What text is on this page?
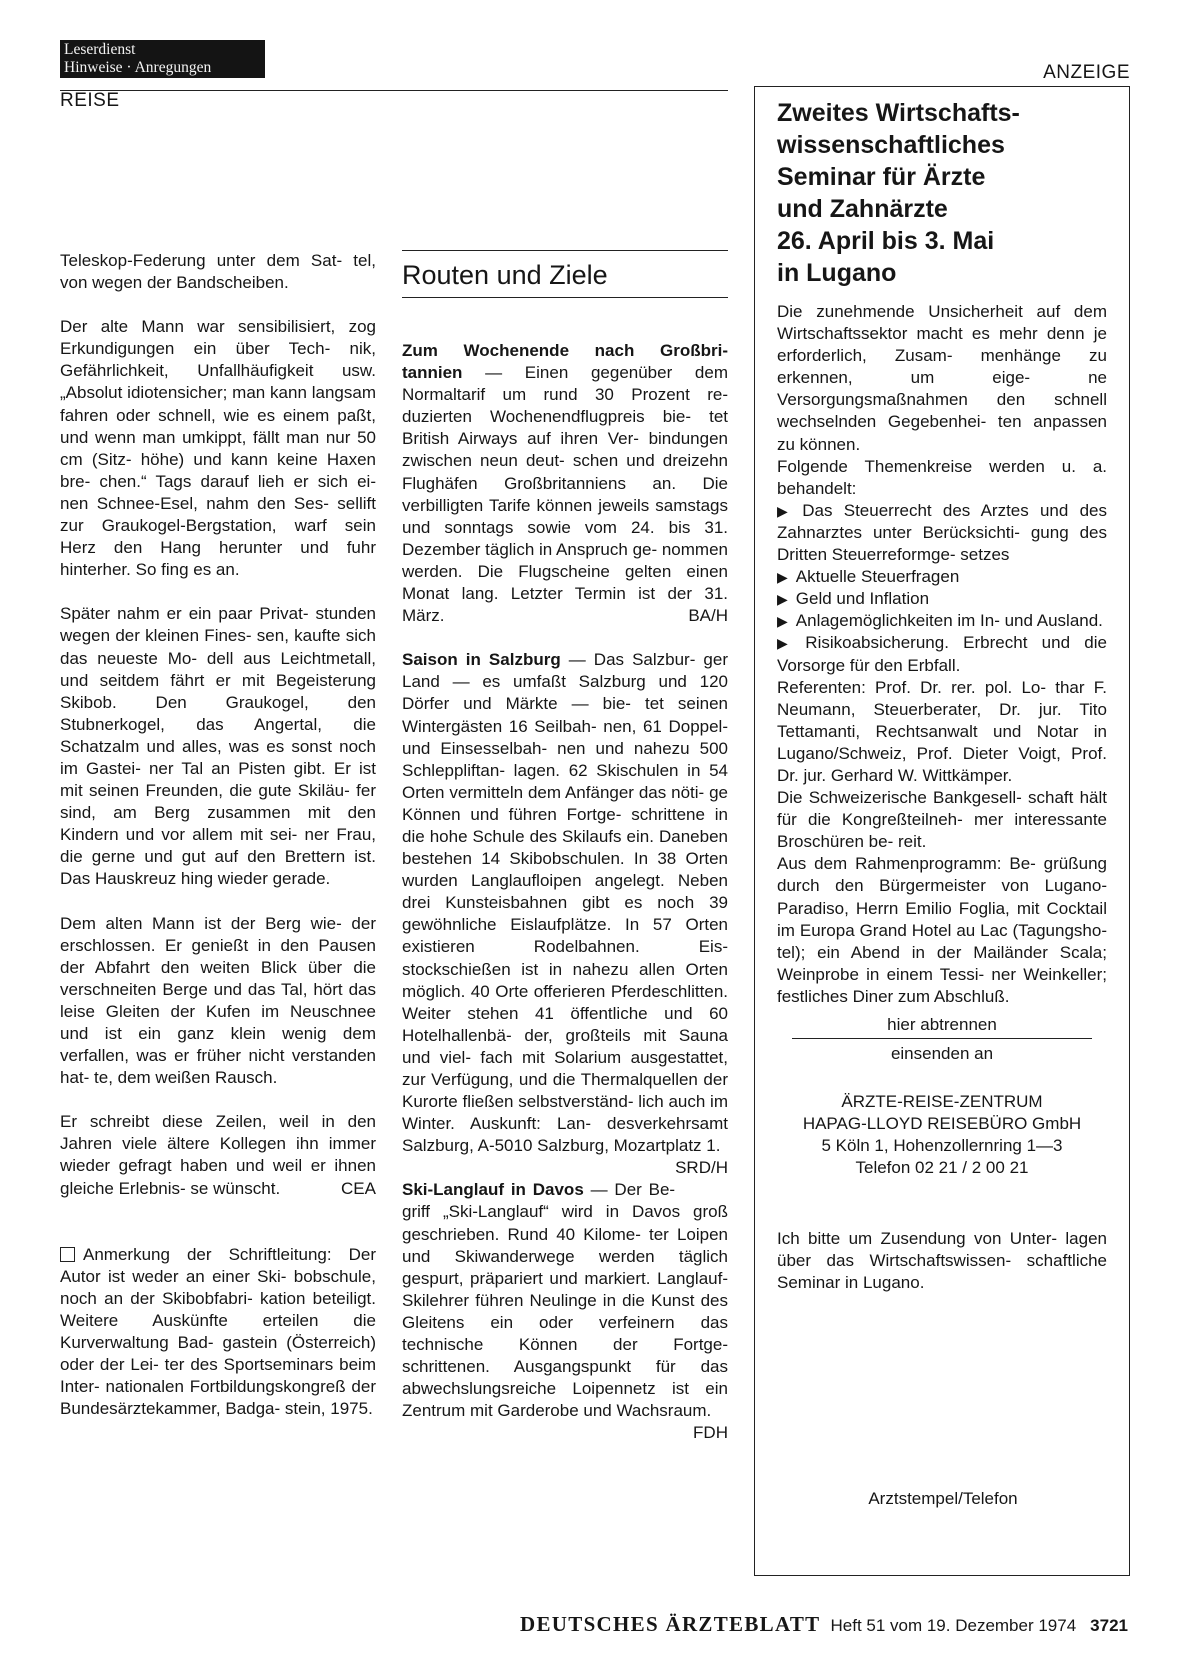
Leserdienst
Hinweise · Anregungen
REISE
ANZEIGE

Teleskop-Federung unter dem Sat- tel, von wegen der Bandscheiben.

Der alte Mann war sensibilisiert, zog Erkundigungen ein über Tech- nik, Gefährlichkeit, Unfallhäufigkeit usw. „Absolut idiotensicher; man kann langsam fahren oder schnell, wie es einem paßt, und wenn man umkippt, fällt man nur 50 cm (Sitz- höhe) und kann keine Haxen bre- chen.“ Tags darauf lieh er sich ei- nen Schnee-Esel, nahm den Ses- sellift zur Graukogel-Bergstation, warf sein Herz den Hang herunter und fuhr hinterher. So fing es an.

Später nahm er ein paar Privat- stunden wegen der kleinen Fines- sen, kaufte sich das neueste Mo- dell aus Leichtmetall, und seitdem fährt er mit Begeisterung Skibob. Den Graukogel, den Stubnerkogel, das Angertal, die Schatzalm und alles, was es sonst noch im Gastei- ner Tal an Pisten gibt. Er ist mit seinen Freunden, die gute Skiläu- fer sind, am Berg zusammen mit den Kindern und vor allem mit sei- ner Frau, die gerne und gut auf den Brettern ist. Das Hauskreuz hing wieder gerade.

Dem alten Mann ist der Berg wie- der erschlossen. Er genießt in den Pausen der Abfahrt den weiten Blick über die verschneiten Berge und das Tal, hört das leise Gleiten der Kufen im Neuschnee und ist ein ganz klein wenig dem verfallen, was er früher nicht verstanden hat- te, dem weißen Rausch.

Er schreibt diese Zeilen, weil in den Jahren viele ältere Kollegen ihn immer wieder gefragt haben und weil er ihnen gleiche Erlebnis- se wünscht.	CEA

Anmerkung der Schriftleitung: Der Autor ist weder an einer Ski- bobschule, noch an der Skibobfabri- kation beteiligt. Weitere Auskünfte erteilen die Kurverwaltung Bad- gastein (Österreich) oder der Lei- ter des Sportseminars beim Inter- nationalen Fortbildungskongreß der Bundesärztekammer, Badga- stein, 1975.

Routen und Ziele

Zum Wochenende nach Großbri- tannien — Einen gegenüber dem Normaltarif um rund 30 Prozent re- duzierten Wochenendflugpreis bie- tet British Airways auf ihren Ver- bindungen zwischen neun deut- schen und dreizehn Flughäfen Großbritanniens an. Die verbilligten Tarife können jeweils samstags und sonntags sowie vom 24. bis 31. Dezember täglich in Anspruch ge- nommen werden. Die Flugscheine gelten einen Monat lang. Letzter Termin ist der 31. März.	BA/H

Saison in Salzburg — Das Salzbur- ger Land — es umfaßt Salzburg und 120 Dörfer und Märkte — bie- tet seinen Wintergästen 16 Seilbah- nen, 61 Doppel- und Einsesselbah- nen und nahezu 500 Schleppliftan- lagen. 62 Skischulen in 54 Orten vermitteln dem Anfänger das nöti- ge Können und führen Fortge- schrittene in die hohe Schule des Skilaufs ein. Daneben bestehen 14 Skibobschulen. In 38 Orten wurden Langlaufloipen angelegt. Neben drei Kunsteisbahnen gibt es noch 39 gewöhnliche Eislaufplätze. In 57 Orten existieren Rodelbahnen. Eis- stockschießen ist in nahezu allen Orten möglich. 40 Orte offerieren Pferdeschlitten. Weiter stehen 41 öffentliche und 60 Hotelhallenbä- der, großteils mit Sauna und viel- fach mit Solarium ausgestattet, zur Verfügung, und die Thermalquellen der Kurorte fließen selbstverständ- lich auch im Winter. Auskunft: Lan- desverkehrsamt Salzburg, A-5010 Salzburg, Mozartplatz 1.
SRD/H

Ski-Langlauf in Davos — Der Be- griff „Ski-Langlauf“ wird in Davos groß geschrieben. Rund 40 Kilome- ter Loipen und Skiwanderwege werden täglich gespurt, präpariert und markiert. Langlauf-Skilehrer führen Neulinge in die Kunst des Gleitens ein oder verfeinern das technische Können der Fortge- schrittenen. Ausgangspunkt für das abwechslungsreiche Loipennetz ist ein Zentrum mit Garderobe und Wachsraum.
FDH

Zweites Wirtschafts-
wissenschaftliches
Seminar für Ärzte
und Zahnärzte
26. April bis 3. Mai
in Lugano

Die zunehmende Unsicherheit auf dem Wirtschaftssektor macht es mehr denn je erforderlich, Zusam- menhänge zu erkennen, um eige- ne Versorgungsmaßnahmen den schnell wechselnden Gegebenhei- ten anpassen zu können.

Folgende Themenkreise werden u. a. behandelt:

▶ Das Steuerrecht des Arztes und des Zahnarztes unter Berücksichti- gung des Dritten Steuerreformge- setzes
▶ Aktuelle Steuerfragen
▶ Geld und Inflation
▶ Anlagemöglichkeiten im In- und Ausland.
▶ Risikoabsicherung. Erbrecht und die Vorsorge für den Erbfall.

Referenten: Prof. Dr. rer. pol. Lo- thar F. Neumann, Steuerberater, Dr. jur. Tito Tettamanti, Rechtsanwalt und Notar in Lugano/Schweiz, Prof. Dieter Voigt, Prof. Dr. jur. Gerhard W. Wittkämper.

Die Schweizerische Bankgesell- schaft hält für die Kongreßteilneh- mer interessante Broschüren be- reit.

Aus dem Rahmenprogramm: Be- grüßung durch den Bürgermeister von Lugano-Paradiso, Herrn Emilio Foglia, mit Cocktail im Europa Grand Hotel au Lac (Tagungsho- tel); ein Abend in der Mailänder Scala; Weinprobe in einem Tessi- ner Weinkeller; festliches Diner zum Abschluß.

hier abtrennen
einsenden an
ÄRZTE-REISE-ZENTRUM
HAPAG-LLOYD REISEBÜRO GmbH
5 Köln 1, Hohenzollernring 1—3
Telefon 02 21 / 2 00 21

Ich bitte um Zusendung von Unter- lagen über das Wirtschaftswissen- schaftliche Seminar in Lugano.

Arztstempel/Telefon
DEUTSCHES ÄRZTEBLATT Heft 51 vom 19. Dezember 1974 3721
